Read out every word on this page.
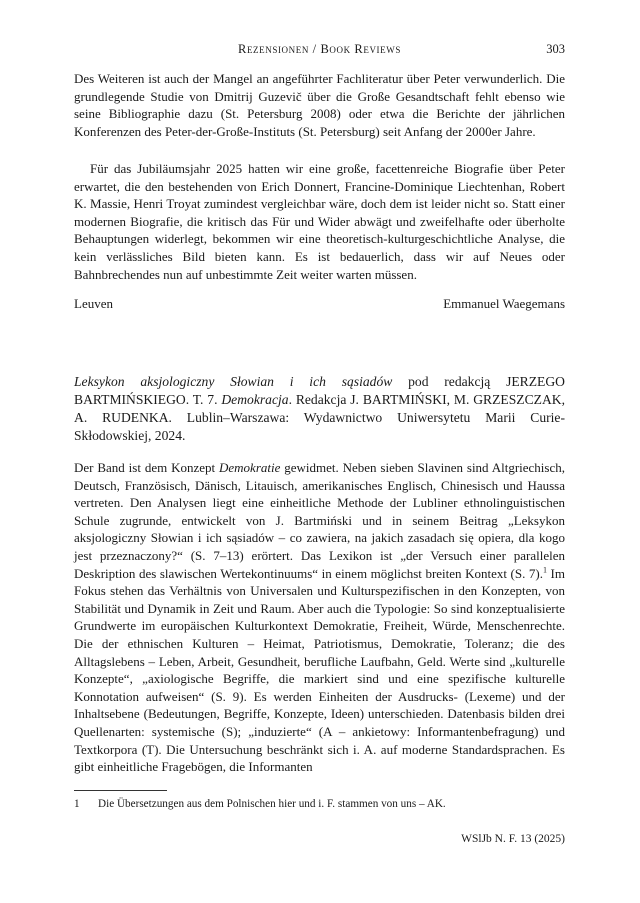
Rezensionen / Book Reviews	303

Des Weiteren ist auch der Mangel an angeführter Fachliteratur über Peter verwunderlich. Die grundlegende Studie von Dmitrij Guzevič über die Große Gesandtschaft fehlt ebenso wie seine Bibliographie dazu (St. Petersburg 2008) oder etwa die Berichte der jährlichen Konferenzen des Peter-der-Große-Instituts (St. Petersburg) seit Anfang der 2000er Jahre.

Für das Jubiläumsjahr 2025 hatten wir eine große, facettenreiche Biografie über Peter erwartet, die den bestehenden von Erich Donnert, Francine-Dominique Liechtenhan, Robert K. Massie, Henri Troyat zumindest vergleichbar wäre, doch dem ist leider nicht so. Statt einer modernen Biografie, die kritisch das Für und Wider abwägt und zweifelhafte oder überholte Behauptungen widerlegt, bekommen wir eine theoretisch-kulturgeschichtliche Analyse, die kein verlässliches Bild bieten kann. Es ist bedauerlich, dass wir auf Neues oder Bahnbrechendes nun auf unbestimmte Zeit weiter warten müssen.

Leuven	Emmanuel Waegemans

Leksykon aksjologiczny Słowian i ich sąsiadów pod redakcją JERZEGO BARTMIŃSKIEGO. T. 7. Demokracja. Redakcja J. BARTMIŃSKI, M. GRZESZCZAK, A. RUDENKA. Lublin–Warszawa: Wydawnictwo Uniwersytetu Marii Curie-Skłodowskiej, 2024.

Der Band ist dem Konzept Demokratie gewidmet. Neben sieben Slavinen sind Altgriechisch, Deutsch, Französisch, Dänisch, Litauisch, amerikanisches Englisch, Chinesisch und Haussa vertreten. Den Analysen liegt eine einheitliche Methode der Lubliner ethnolinguistischen Schule zugrunde, entwickelt von J. Bartmiński und in seinem Beitrag „Leksykon aksjologiczny Słowian i ich sąsiadów – co zawiera, na jakich zasadach się opiera, dla kogo jest przeznaczony?“ (S. 7–13) erörtert. Das Lexikon ist „der Versuch einer parallelen Deskription des slawischen Wertekontinuums“ in einem möglichst breiten Kontext (S. 7).$^1$ Im Fokus stehen das Verhältnis von Universalen und Kulturspezifischen in den Konzepten, von Stabilität und Dynamik in Zeit und Raum. Aber auch die Typologie: So sind konzeptualisierte Grundwerte im europäischen Kulturkontext Demokratie, Freiheit, Würde, Menschenrechte. Die der ethnischen Kulturen – Heimat, Patriotismus, Demokratie, Toleranz; die des Alltagslebens – Leben, Arbeit, Gesundheit, berufliche Laufbahn, Geld. Werte sind „kulturelle Konzepte“, „axiologische Begriffe, die markiert sind und eine spezifische kulturelle Konnotation aufweisen“ (S. 9). Es werden Einheiten der Ausdrucks- (Lexeme) und der Inhaltsebene (Bedeutungen, Begriffe, Konzepte, Ideen) unterschieden. Datenbasis bilden drei Quellenarten: systemische (S); „induzierte“ (A – ankietowy: Informantenbefragung) und Textkorpora (T). Die Untersuchung beschränkt sich i. A. auf moderne Standardsprachen. Es gibt einheitliche Fragebögen, die Informanten

1 Die Übersetzungen aus dem Polnischen hier und i. F. stammen von uns – AK.
WSlJb N. F. 13 (2025)
